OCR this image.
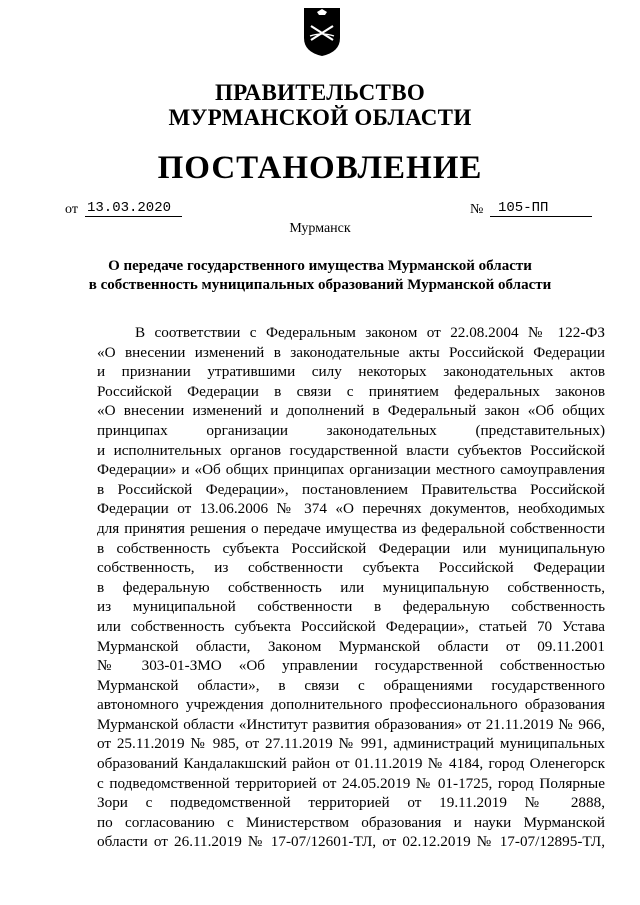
ПРАВИТЕЛЬСТВО
МУРМАНСКОЙ ОБЛАСТИ
ПОСТАНОВЛЕНИЕ
от 13.03.2020	№	105-ПП
Мурманск
О передаче государственного имущества Мурманской области
в собственность муниципальных образований Мурманской области
В соответствии с Федеральным законом от 22.08.2004 № 122-ФЗ
«О внесении изменений в законодательные акты Российской Федерации
и признании утратившими силу некоторых законодательных актов
Российской Федерации в связи с принятием федеральных законов
«О внесении изменений и дополнений в Федеральный закон «Об общих
принципах организации законодательных (представительных)
и исполнительных органов государственной власти субъектов Российской
Федерации» и «Об общих принципах организации местного самоуправления
в Российской Федерации», постановлением Правительства Российской
Федерации от 13.06.2006 № 374 «О перечнях документов, необходимых
для принятия решения о передаче имущества из федеральной собственности
в собственность субъекта Российской Федерации или муниципальную
собственность, из собственности субъекта Российской Федерации
в федеральную собственность или муниципальную собственность,
из муниципальной собственности в федеральную собственность
или собственность субъекта Российской Федерации», статьей 70 Устава
Мурманской области, Законом Мурманской области от 09.11.2001
№ 303-01-ЗМО «Об управлении государственной собственностью
Мурманской области», в связи с обращениями государственного
автономного учреждения дополнительного профессионального образования
Мурманской области «Институт развития образования» от 21.11.2019 № 966,
от 25.11.2019 № 985, от 27.11.2019 № 991, администраций муниципальных
образований Кандалакшский район от 01.11.2019 № 4184, город Оленегорск
с подведомственной территорией от 24.05.2019 № 01-1725, город Полярные
Зори с подведомственной территорией от 19.11.2019 № 2888,
по согласованию с Министерством образования и науки Мурманской
области от 26.11.2019 № 17-07/12601-ТЛ, от 02.12.2019 № 17-07/12895-ТЛ,
